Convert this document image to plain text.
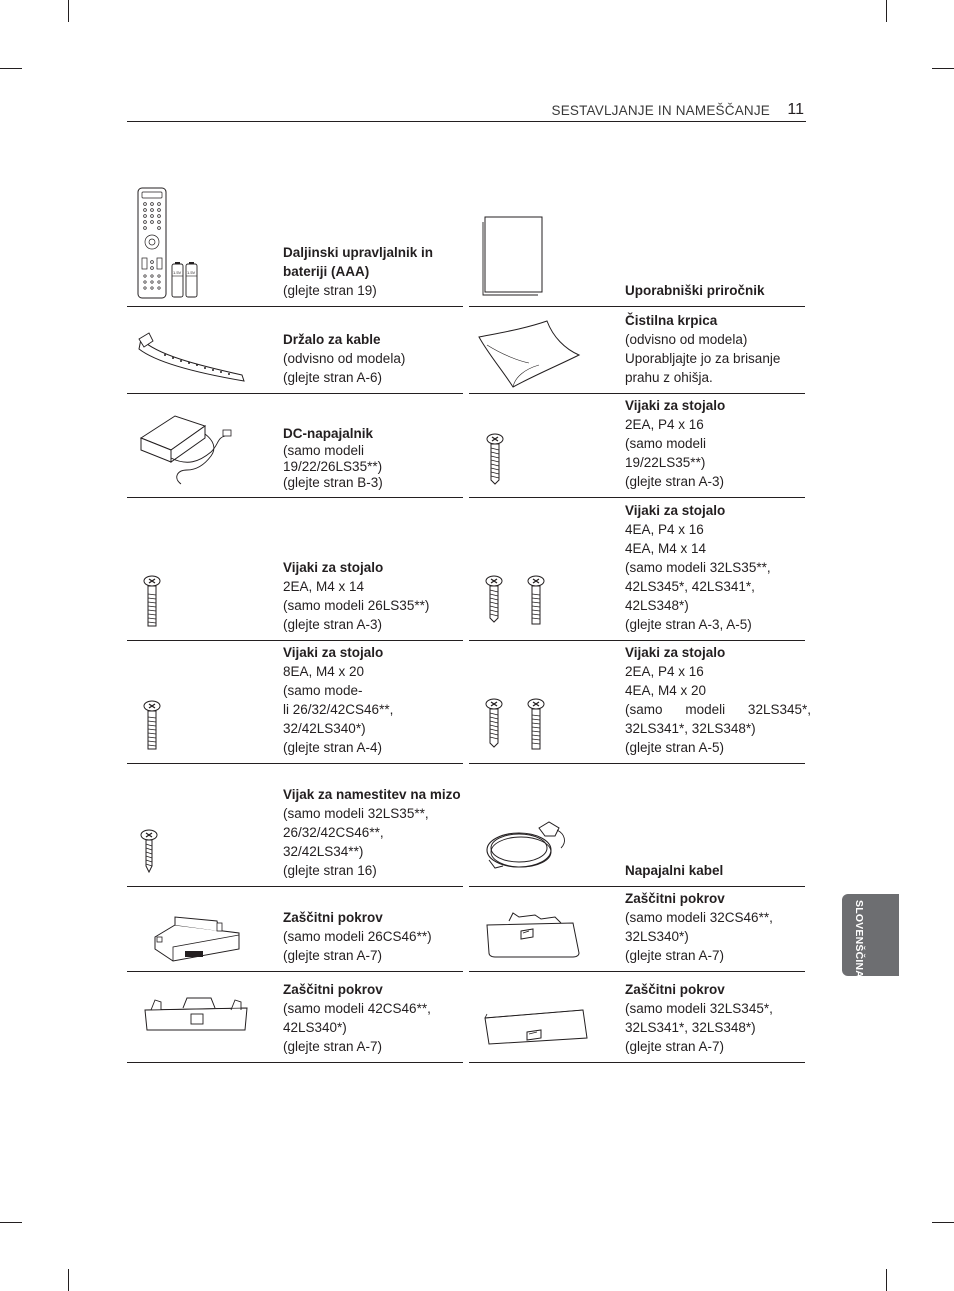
SESTAVLJANJE IN NAMEŠČANJE 11
SLOVENŠČINA
1.5V 1.5V
Daljinski upravljalnik in bateriji (AAA)
(glejte stran 19)	Uporabniški priročnik
Držalo za kable
(odvisno od modela)
(glejte stran A-6)
Čistilna krpica
(odvisno od modela)
Uporabljajte jo za brisanje
prahu z ohišja.
DC-napajalnik
(samo modeli
19/22/26LS35**)
(glejte stran B-3)
Vijaki za stojalo
2EA, P4 x 16
(samo modeli
19/22LS35**)
(glejte stran A-3)
Vijaki za stojalo
2EA, M4 x 14
(samo modeli 26LS35**)
(glejte stran A-3)
Vijaki za stojalo
4EA, P4 x 16
4EA, M4 x 14
(samo modeli 32LS35**,
42LS345*, 42LS341*,
42LS348*)
(glejte stran A-3, A-5)
Vijaki za stojalo
8EA, M4 x 20
(samo mode-
li 26/32/42CS46**,
32/42LS340*)
(glejte stran A-4)
Vijaki za stojalo
2EA, P4 x 16
4EA, M4 x 20
(samo modeli 32LS345*,
32LS341*, 32LS348*)
(glejte stran A-5)
Vijak za namestitev na mizo
(samo modeli 32LS35**,
26/32/42CS46**,
32/42LS34**)
(glejte stran 16)	Napajalni kabel
Zaščitni pokrov
(samo modeli 26CS46**)
(glejte stran A-7)
Zaščitni pokrov
(samo modeli 32CS46**,
32LS340*)
(glejte stran A-7)
Zaščitni pokrov
(samo modeli 42CS46**,
42LS340*)
(glejte stran A-7)
Zaščitni pokrov
(samo modeli 32LS345*,
32LS341*, 32LS348*)
(glejte stran A-7)
